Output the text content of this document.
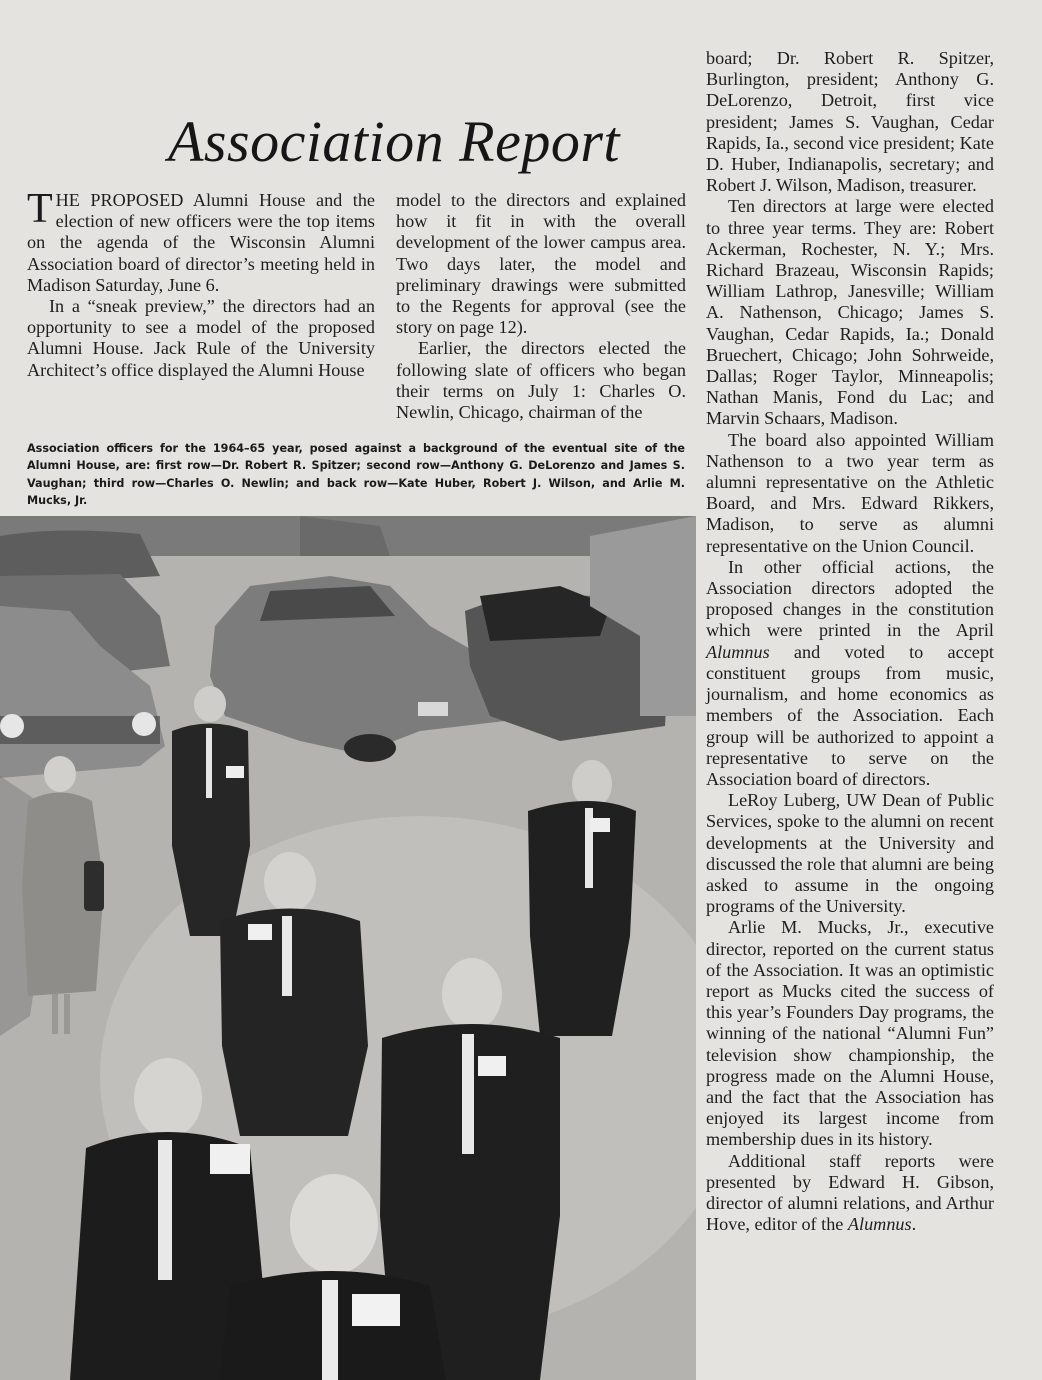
Association Report

THE PROPOSED Alumni House and the election of new officers were the top items on the agenda of the Wisconsin Alumni Association board of director’s meeting held in Madison Saturday, June 6.

In a “sneak preview,” the directors had an opportunity to see a model of the proposed Alumni House. Jack Rule of the University Architect’s office displayed the Alumni House

model to the directors and explained how it fit in with the overall development of the lower campus area. Two days later, the model and preliminary drawings were submitted to the Regents for approval (see the story on page 12).

Earlier, the directors elected the following slate of officers who began their terms on July 1: Charles O. Newlin, Chicago, chairman of the

board; Dr. Robert R. Spitzer, Burlington, president; Anthony G. DeLorenzo, Detroit, first vice president; James S. Vaughan, Cedar Rapids, Ia., second vice president; Kate D. Huber, Indianapolis, secretary; and Robert J. Wilson, Madison, treasurer.

Ten directors at large were elected to three year terms. They are: Robert Ackerman, Rochester, N. Y.; Mrs. Richard Brazeau, Wisconsin Rapids; William Lathrop, Janesville; William A. Nathenson, Chicago; James S. Vaughan, Cedar Rapids, Ia.; Donald Bruechert, Chicago; John Sohrweide, Dallas; Roger Taylor, Minneapolis; Nathan Manis, Fond du Lac; and Marvin Schaars, Madison.

The board also appointed William Nathenson to a two year term as alumni representative on the Athletic Board, and Mrs. Edward Rikkers, Madison, to serve as alumni representative on the Union Council.

In other official actions, the Association directors adopted the proposed changes in the constitution which were printed in the April Alumnus and voted to accept constituent groups from music, journalism, and home economics as members of the Association. Each group will be authorized to appoint a representative to serve on the Association board of directors.

LeRoy Luberg, UW Dean of Public Services, spoke to the alumni on recent developments at the University and discussed the role that alumni are being asked to assume in the ongoing programs of the University.

Arlie M. Mucks, Jr., executive director, reported on the current status of the Association. It was an optimistic report as Mucks cited the success of this year’s Founders Day programs, the winning of the national “Alumni Fun” television show championship, the progress made on the Alumni House, and the fact that the Association has enjoyed its largest income from membership dues in its history.

Additional staff reports were presented by Edward H. Gibson, director of alumni relations, and Arthur Hove, editor of the Alumnus.

Association officers for the 1964–65 year, posed against a background of the eventual site of the Alumni House, are: first row—Dr. Robert R. Spitzer; second row—Anthony G. DeLorenzo and James S. Vaughan; third row—Charles O. Newlin; and back row—Kate Huber, Robert J. Wilson, and Arlie M. Mucks, Jr.
